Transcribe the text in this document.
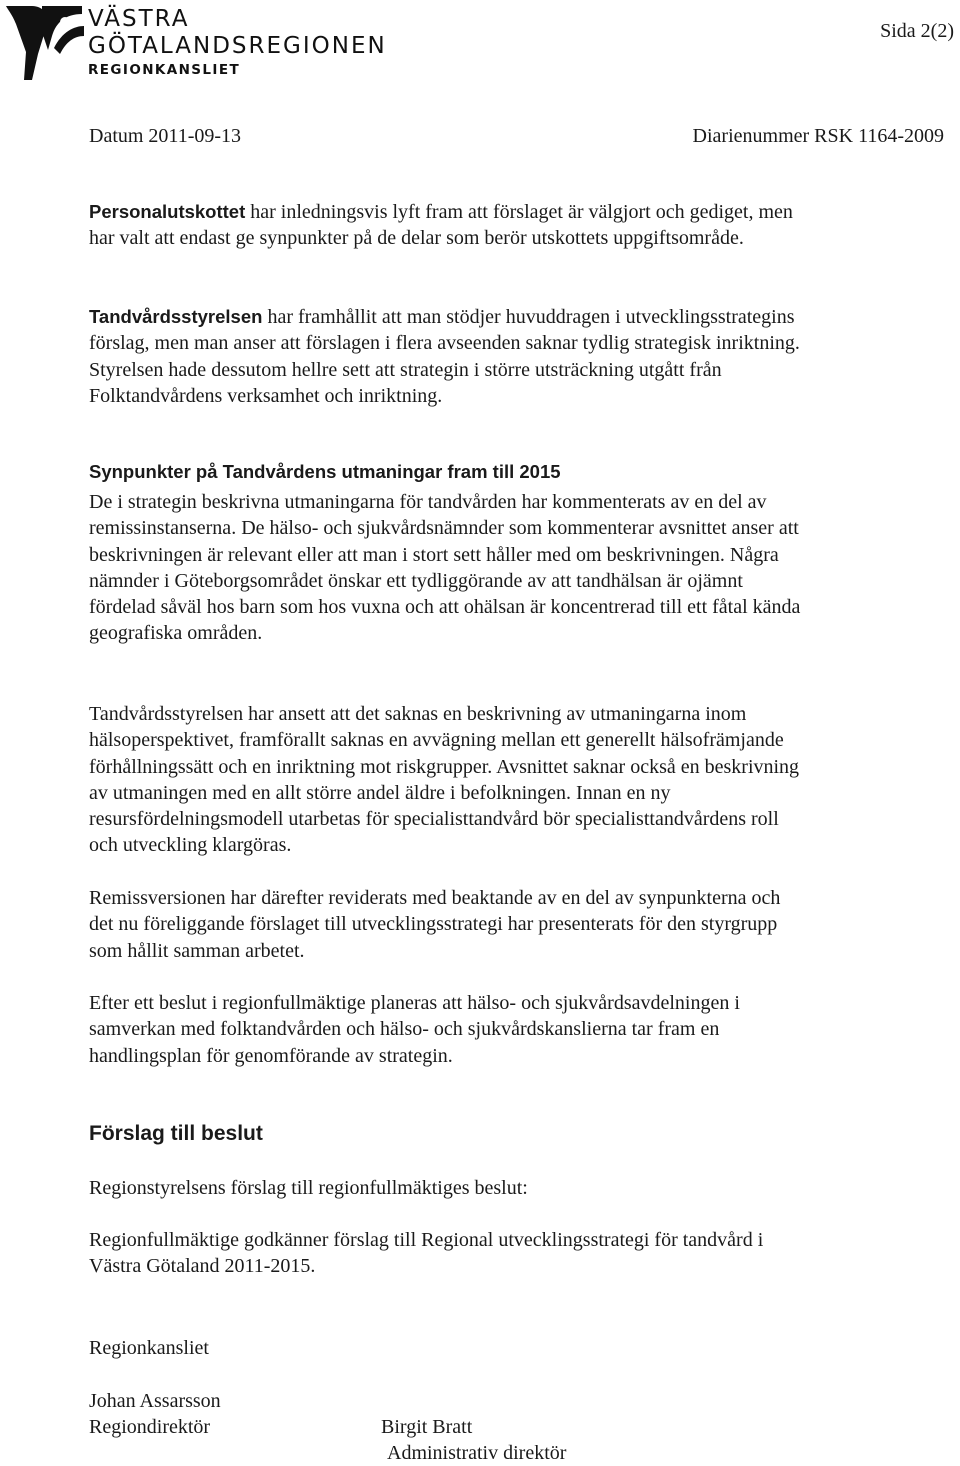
VÄSTRA
GÖTALANDSREGIONEN
REGIONKANSLIET
Sida 2(2)
Datum 2011-09-13	Diarienummer RSK 1164-2009

Personalutskottet har inledningsvis lyft fram att förslaget är välgjort och gediget, men har valt att endast ge synpunkter på de delar som berör utskottets uppgiftsområde.

Tandvårdsstyrelsen har framhållit att man stödjer huvuddragen i utvecklingsstrategins förslag, men man anser att förslagen i flera avseenden saknar tydlig strategisk inriktning. Styrelsen hade dessutom hellre sett att strategin i större utsträckning utgått från Folktandvårdens verksamhet och inriktning.

Synpunkter på Tandvårdens utmaningar fram till 2015

De i strategin beskrivna utmaningarna för tandvården har kommenterats av en del av remissinstanserna. De hälso- och sjukvårdsnämnder som kommenterar avsnittet anser att beskrivningen är relevant eller att man i stort sett håller med om beskrivningen. Några nämnder i Göteborgsområdet önskar ett tydliggörande av att tandhälsan är ojämnt fördelad såväl hos barn som hos vuxna och att ohälsan är koncentrerad till ett fåtal kända geografiska områden.

Tandvårdsstyrelsen har ansett att det saknas en beskrivning av utmaningarna inom hälsoperspektivet, framförallt saknas en avvägning mellan ett generellt hälsofrämjande förhållningssätt och en inriktning mot riskgrupper. Avsnittet saknar också en beskrivning av utmaningen med en allt större andel äldre i befolkningen. Innan en ny resursfördelningsmodell utarbetas för specialisttandvård bör specialisttandvårdens roll och utveckling klargöras.

Remissversionen har därefter reviderats med beaktande av en del av synpunkterna och det nu föreliggande förslaget till utvecklingsstrategi har presenterats för den styrgrupp som hållit samman arbetet.

Efter ett beslut i regionfullmäktige planeras att hälso- och sjukvårdsavdelningen i samverkan med folktandvården och hälso- och sjukvårdskanslierna tar fram en handlingsplan för genomförande av strategin.

Förslag till beslut

Regionstyrelsens förslag till regionfullmäktiges beslut:

Regionfullmäktige godkänner förslag till Regional utvecklingsstrategi för tandvård i Västra Götaland 2011-2015.

Regionkansliet
Johan Assarsson
Regiondirektör	Birgit Bratt
Administrativ direktör
